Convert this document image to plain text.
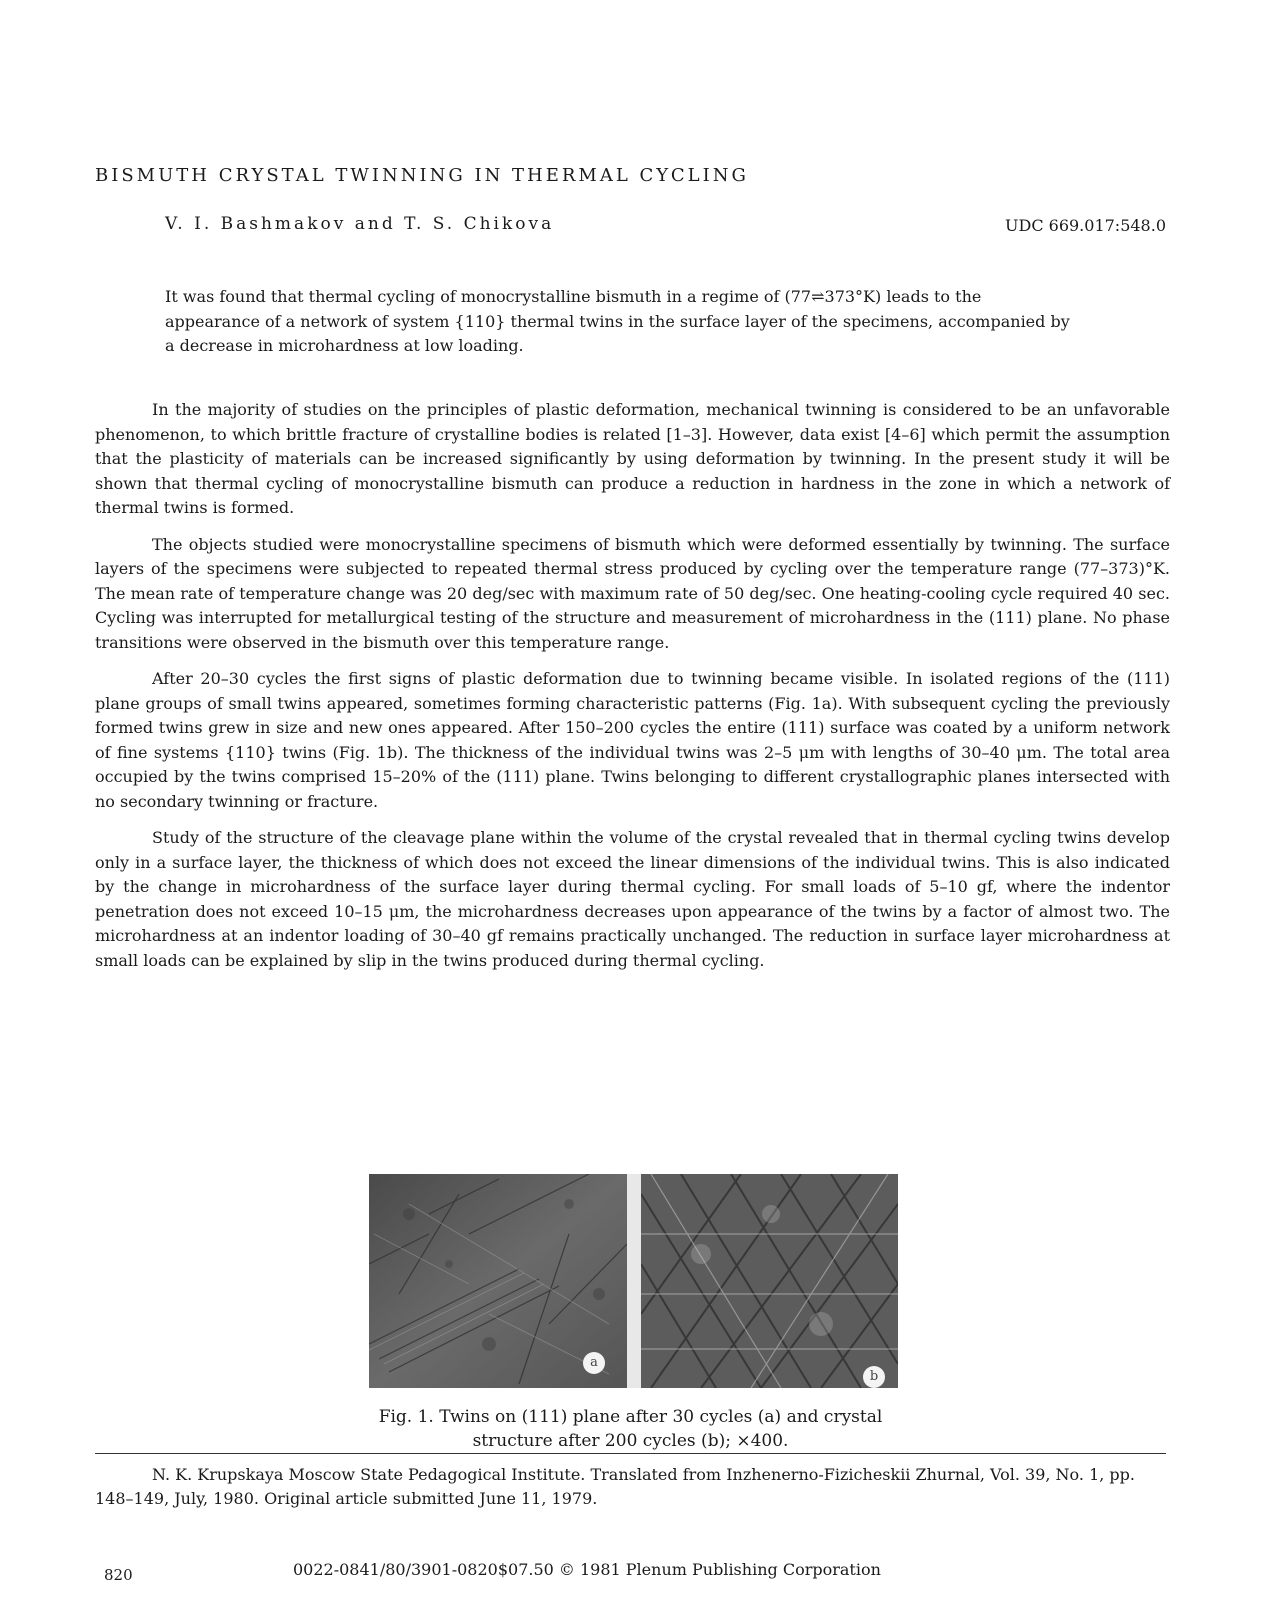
BISMUTH CRYSTAL TWINNING IN THERMAL CYCLING
V. I. Bashmakov and T. S. Chikova	UDC 669.017:548.0
It was found that thermal cycling of monocrystalline bismuth in a regime of (77⇌373°K) leads to the appearance of a network of system {110} thermal twins in the surface layer of the specimens, accompanied by a decrease in microhardness at low loading.

In the majority of studies on the principles of plastic deformation, mechanical twinning is considered to be an unfavorable phenomenon, to which brittle fracture of crystalline bodies is related [1–3]. However, data exist [4–6] which permit the assumption that the plasticity of materials can be increased significantly by using deformation by twinning. In the present study it will be shown that thermal cycling of monocrystalline bismuth can produce a reduction in hardness in the zone in which a network of thermal twins is formed.

The objects studied were monocrystalline specimens of bismuth which were deformed essentially by twinning. The surface layers of the specimens were subjected to repeated thermal stress produced by cycling over the temperature range (77–373)°K. The mean rate of temperature change was 20 deg/sec with maximum rate of 50 deg/sec. One heating-cooling cycle required 40 sec. Cycling was interrupted for metallurgical testing of the structure and measurement of microhardness in the (111) plane. No phase transitions were observed in the bismuth over this temperature range.

After 20–30 cycles the first signs of plastic deformation due to twinning became visible. In isolated regions of the (111) plane groups of small twins appeared, sometimes forming characteristic patterns (Fig. 1a). With subsequent cycling the previously formed twins grew in size and new ones appeared. After 150–200 cycles the entire (111) surface was coated by a uniform network of fine systems {110} twins (Fig. 1b). The thickness of the individual twins was 2–5 μm with lengths of 30–40 μm. The total area occupied by the twins comprised 15–20% of the (111) plane. Twins belonging to different crystallographic planes intersected with no secondary twinning or fracture.

Study of the structure of the cleavage plane within the volume of the crystal revealed that in thermal cycling twins develop only in a surface layer, the thickness of which does not exceed the linear dimensions of the individual twins. This is also indicated by the change in microhardness of the surface layer during thermal cycling. For small loads of 5–10 gf, where the indentor penetration does not exceed 10–15 μm, the microhardness decreases upon appearance of the twins by a factor of almost two. The microhardness at an indentor loading of 30–40 gf remains practically unchanged. The reduction in surface layer microhardness at small loads can be explained by slip in the twins produced during thermal cycling.

a
b
Fig. 1. Twins on (111) plane after 30 cycles (a) and crystal
structure after 200 cycles (b); ×400.

N. K. Krupskaya Moscow State Pedagogical Institute. Translated from Inzhenerno-Fizicheskii Zhurnal, Vol. 39, No. 1, pp. 148–149, July, 1980. Original article submitted June 11, 1979.

820	0022-0841/80/3901-0820$07.50 © 1981 Plenum Publishing Corporation
